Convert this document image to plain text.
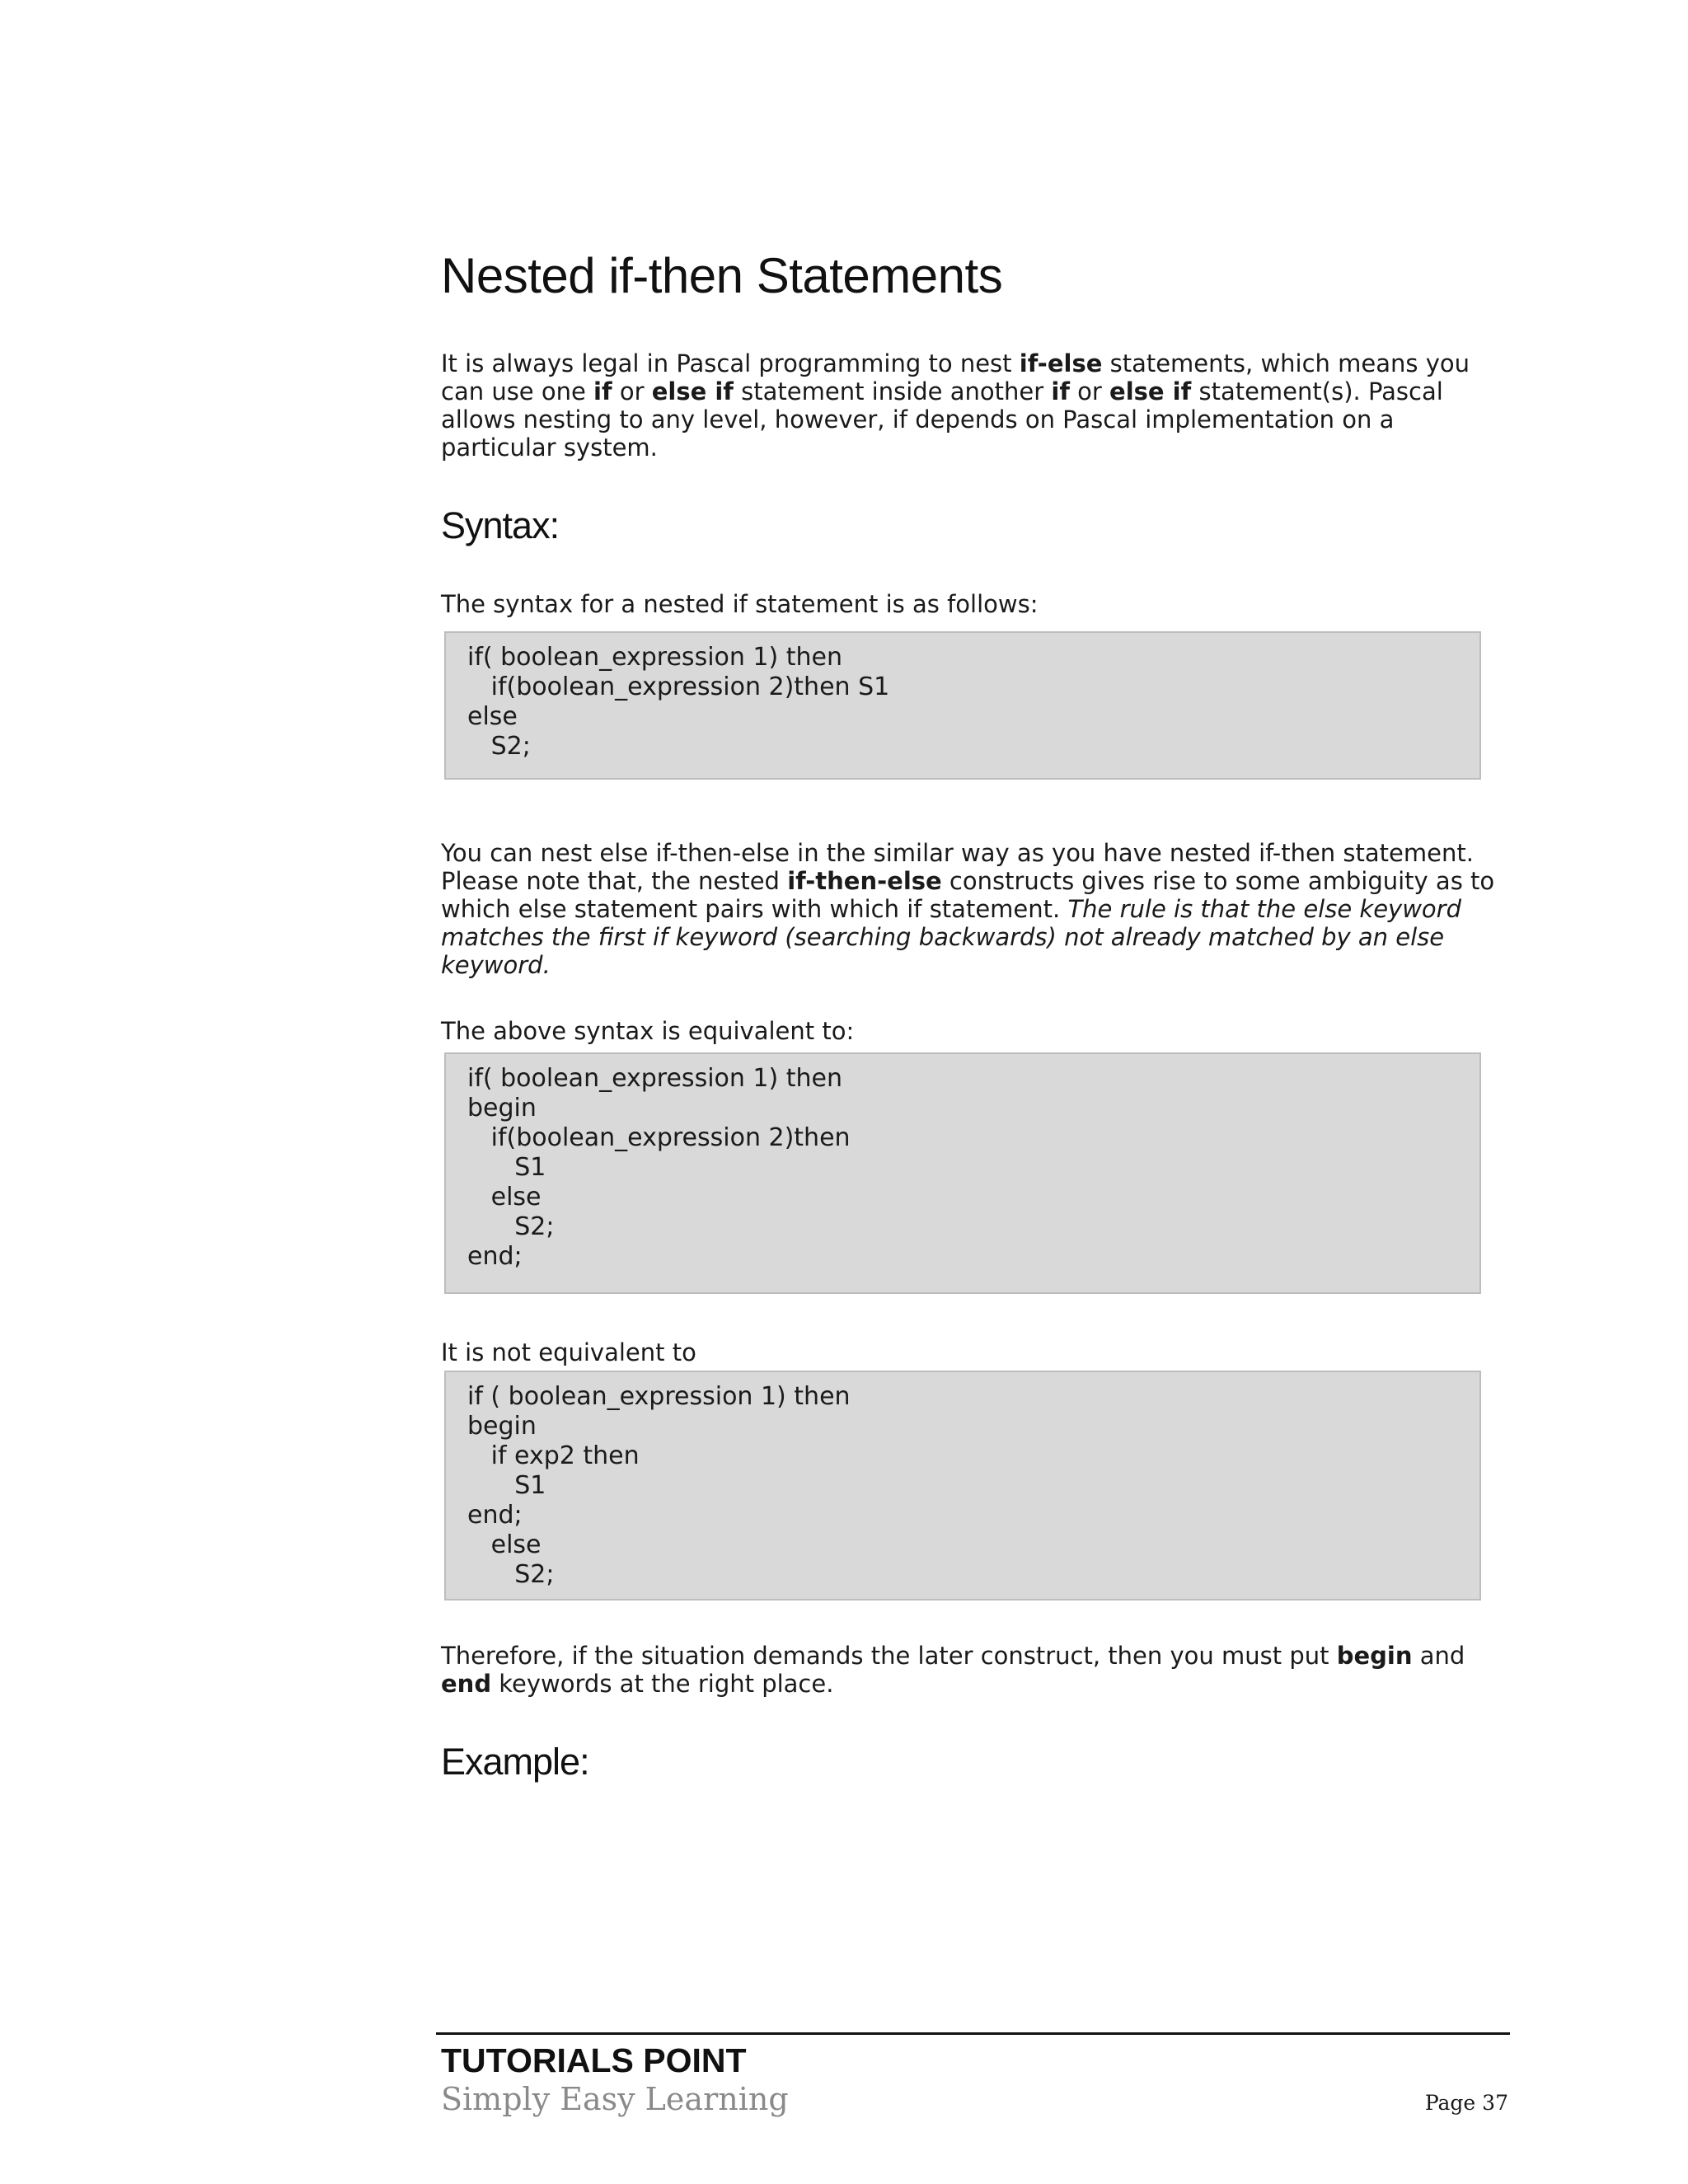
Nested if-then Statements

It is always legal in Pascal programming to nest if-else statements, which means you can use one if or else if statement inside another if or else if statement(s). Pascal allows nesting to any level, however, if depends on Pascal implementation on a particular system.

Syntax:

The syntax for a nested if statement is as follows:

if( boolean_expression 1) then
if(boolean_expression 2)then S1
else
S2;

You can nest else if-then-else in the similar way as you have nested if-then statement. Please note that, the nested if-then-else constructs gives rise to some ambiguity as to which else statement pairs with which if statement. The rule is that the else keyword matches the first if keyword (searching backwards) not already matched by an else keyword.

The above syntax is equivalent to:

if( boolean_expression 1) then
begin
if(boolean_expression 2)then
S1
else
S2;
end;

It is not equivalent to

if ( boolean_expression 1) then
begin
if exp2 then
S1
end;
else
S2;

Therefore, if the situation demands the later construct, then you must put begin and end keywords at the right place.

Example:
TUTORIALS POINT
Simply Easy Learning	Page 37
